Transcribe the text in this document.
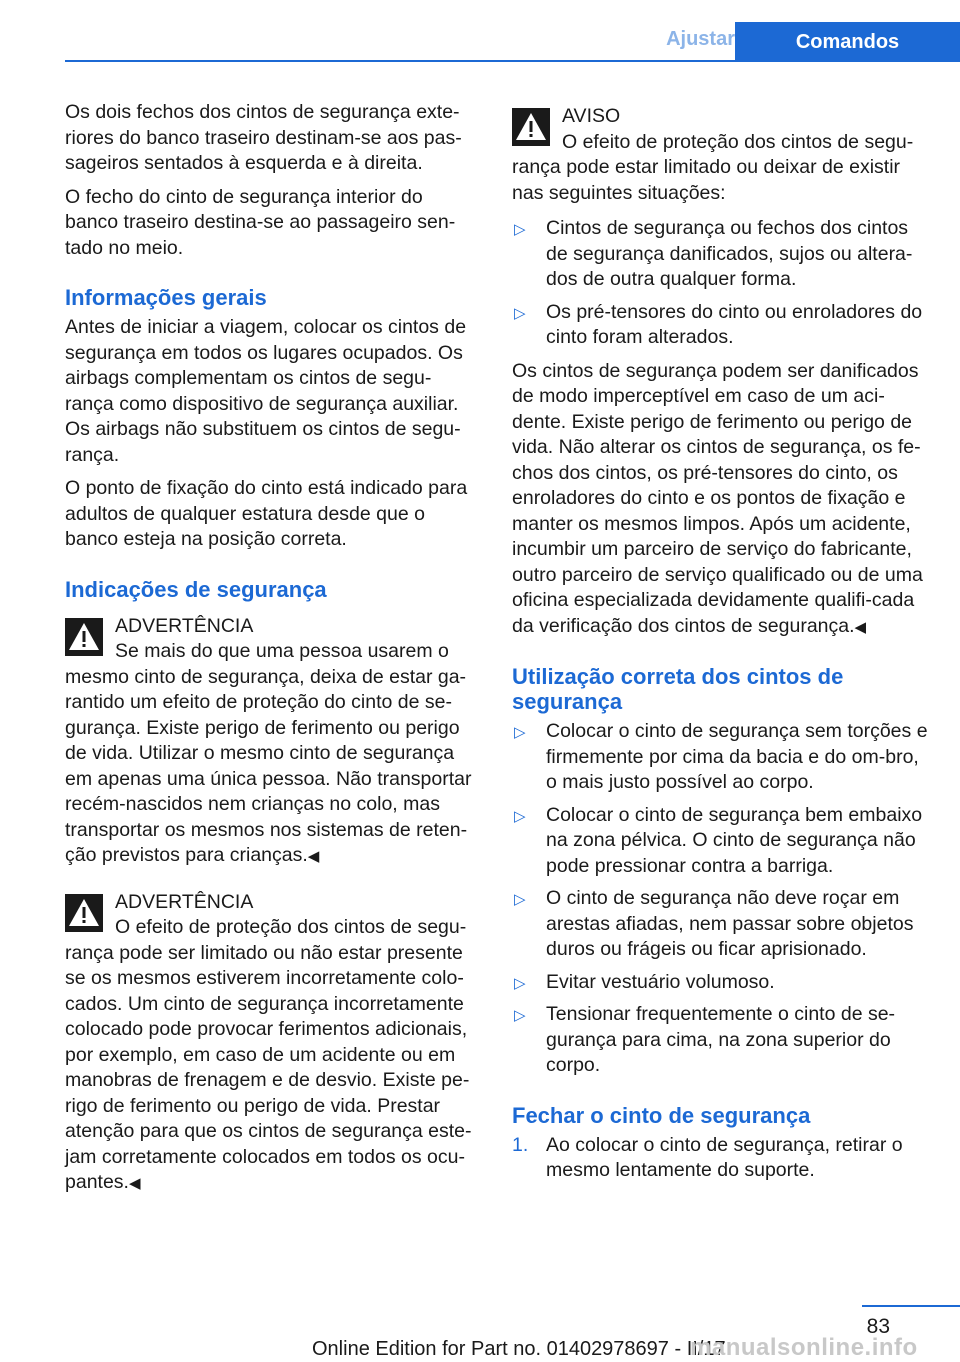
Ajustar	Comandos

Os dois fechos dos cintos de segurança exte-riores do banco traseiro destinam-se aos pas-sageiros sentados à esquerda e à direita.

O fecho do cinto de segurança interior do banco traseiro destina-se ao passageiro sen-tado no meio.

Informações gerais

Antes de iniciar a viagem, colocar os cintos de segurança em todos os lugares ocupados. Os airbags complementam os cintos de segu-rança como dispositivo de segurança auxiliar. Os airbags não substituem os cintos de segu-rança.

O ponto de fixação do cinto está indicado para adultos de qualquer estatura desde que o banco esteja na posição correta.

Indicações de segurança
ADVERTÊNCIA
Se mais do que uma pessoa usarem o
mesmo cinto de segurança, deixa de estar ga-rantido um efeito de proteção do cinto de se-gurança. Existe perigo de ferimento ou perigo de vida. Utilizar o mesmo cinto de segurança em apenas uma única pessoa. Não transportar recém-nascidos nem crianças no colo, mas transportar os mesmos nos sistemas de reten-ção previstos para crianças.◀
ADVERTÊNCIA
O efeito de proteção dos cintos de segu-
rança pode ser limitado ou não estar presente se os mesmos estiverem incorretamente colo-cados. Um cinto de segurança incorretamente colocado pode provocar ferimentos adicionais, por exemplo, em caso de um acidente ou em manobras de frenagem e de desvio. Existe pe-rigo de ferimento ou perigo de vida. Prestar atenção para que os cintos de segurança este-jam corretamente colocados em todos os ocu-pantes.◀
AVISO
O efeito de proteção dos cintos de segu-
rança pode estar limitado ou deixar de existir nas seguintes situações:
▷ Cintos de segurança ou fechos dos cintos de segurança danificados, sujos ou altera-dos de outra qualquer forma.
▷ Os pré-tensores do cinto ou enroladores do cinto foram alterados.

Os cintos de segurança podem ser danificados de modo imperceptível em caso de um aci-dente. Existe perigo de ferimento ou perigo de vida. Não alterar os cintos de segurança, os fe-chos dos cintos, os pré-tensores do cinto, os enroladores do cinto e os pontos de fixação e manter os mesmos limpos. Após um acidente, incumbir um parceiro de serviço do fabricante, outro parceiro de serviço qualificado ou de uma oficina especializada devidamente qualifi-cada da verificação dos cintos de segurança.◀

Utilização correta dos cintos de segurança
▷ Colocar o cinto de segurança sem torções e firmemente por cima da bacia e do om-bro, o mais justo possível ao corpo.
▷ Colocar o cinto de segurança bem embaixo na zona pélvica. O cinto de segurança não pode pressionar contra a barriga.
▷ O cinto de segurança não deve roçar em arestas afiadas, nem passar sobre objetos duros ou frágeis ou ficar aprisionado.
▷ Evitar vestuário volumoso.
▷ Tensionar frequentemente o cinto de se-gurança para cima, na zona superior do corpo.
Fechar o cinto de segurança
1. Ao colocar o cinto de segurança, retirar o mesmo lentamente do suporte.
83
Online Edition for Part no. 01402978697 - II/17
manualsonline.info
